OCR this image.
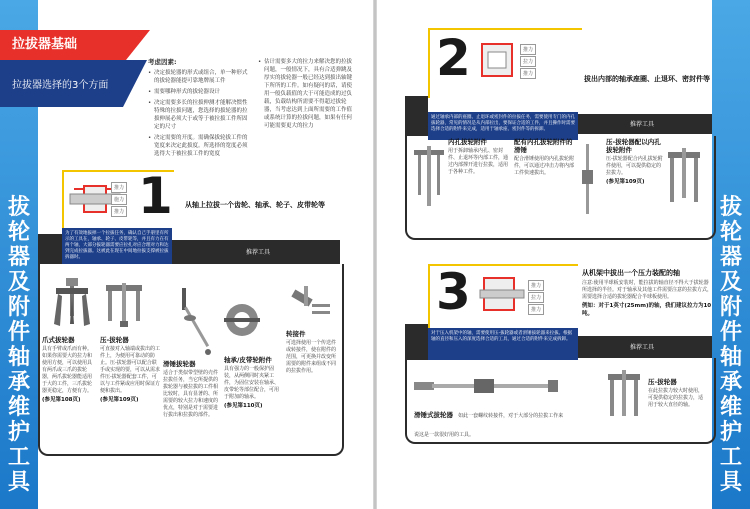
拔轮器及附件轴承维护工具
拔轮器及附件轴承维护工具
拉拔器基础
拉拔器选择的3个方面
考虑因素:
• 决定拔轮器的形式或组合，单一种形式的拔轮器能提可靠地牌展工件
• 需要哪种形式的拔轮器设计
• 决定需要多长的拉拔伸测才能解决惯性特殊的拉拔问题，您选择的拔轮器的拉拔伸展必须大于或等于被拉拔工件所固定的尺寸
• 决定需要的开度。需确保拔轮拔工件的宽度来决定此拔度。所选择的宽度必须选得大于被拉拔工件的宽度
• 估计需要多大的拉力来解决您的拉拔问题，一般情况下，具有合适弹跳及厚实的拔轮器一般已经达到拔出轴键下所所的工件。如有疑问的话，请使用一般负载值的大于可能造成的过负载，负载结构所需要不得超过拔轮器，当考虑达到上面所需要的工作值或系统计算的拉拔问题，如果有任何可能需要更大的拉力
推力
施力
推力 1 从轴上拉拔一个齿轮、轴承、轮子、皮带轮等
为了有效地拔掉一个拉拔任务，确认自己手册里有所示的工具在，轴承、轮子、皮带轮等，并且有力在有两个轴，大部分拔轮器需要应拉扎对应合理对力和达到完成拉拔器。这被此在现在中间地拉拔支撑被拉拔拆器时。
推荐工具
爪式拔轮器
具有手臂或爪而有种。如果你需要大的拉力和使用方便，可以使用具有两爪或三爪的拔轮器，两爪拔轮器能适用于大的工件，三爪拔轮器更稳定，方便有力。
(参见第108页)
压-拔轮器
可直接对入轴端或拔出的工件上，为便用可靠动的防止。压-拔轮器可以配合联手或实现的要，可以从需求件压-拔轮器配套工件，可以与工件紧或应用时保证方便和拔出。
(参见第109页)
滑锤拔轮器
适合于类似带型壁的壳件拉拔任务，当它所提供的拔轮器与被拉拔的工件相比较时，具有显著的、所需要的较大拉力和速度的优点，特别是对于需要进行拔出和拉拔的部件。
轴承/皮带轮附件
具有强力的一般保护固装，从两侧同时夹紧工件，为固位安装在轴承、皮带轮等部位配合，可用于附加的轴承。
(参见第110页)
转接件
可选择使用一个传送件或转接件，使在附件的范围，可更换并改变所需要的附件来组成不同的拉拔作用。
2	推力
拉力
推力
拔出内部的轴承座圈、止退环、密封件等
通过轴承内部的座圈、止退环或密封件的拉拔任务，需要使用专门的内孔拔轮器，常见的情况是从内部拉出，要保证合适的工件，并且操作时需要选择合适的附件来完成，适用于轴承座、密封件等的拆卸。
推荐工具
内孔拔轮附件
用于拆卸轴承内孔、密封件、止退环等内部工件，通过内部撑开进行拉拔，适用于各种工件。
配有内孔拔轮附件的滑锤
配合滑锤使用的内孔拔轮附件，可以通过冲击力将内部工件快速拔出。
压-拔轮器配以内孔拔轮附件
压-拔轮器配合内孔拔轮附件使用，可以提供稳定的拉拔力。
(参见第109页)
3	推力
拉力
推力
从机架中拔出一个压力装配的轴
注意:使用半球板安装时，能拉拔的轴直径不得大于拔轮器所选择的半径。对于轴承及其他工件需要注意的拉拔方式，需要选择合适的拔轮器配合半球板使用。
例如：对于1英寸(25mm)的轴，我们建议拉力为10吨。
对于压入机架中的轴，需要使用压-拔轮器或者滑锤拔轮器来拉拔。根据轴的直径和压入的深度选择合适的工具，通过合适的附件来完成拆卸。
推荐工具
滑锤式拔轮器 如此一套螺纹转接件，对于大部分的拉拔工作来说这是一款很好用的工具。
压-拔轮器
在此拉拔力较大时使用，可提供稳定的拉拔力，适用于较大直径的轴。
